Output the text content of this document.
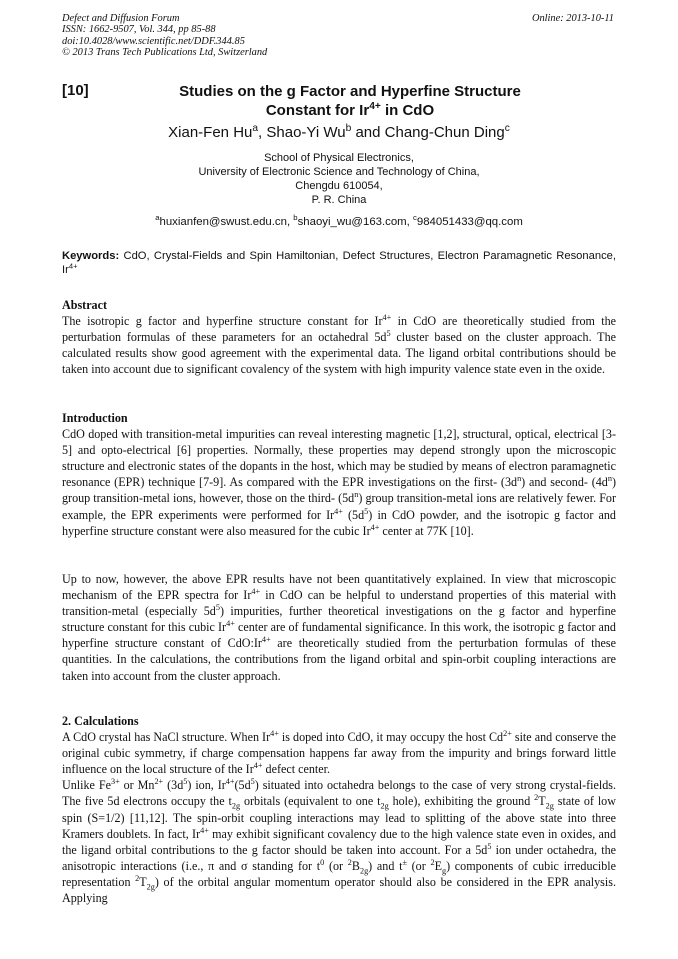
Defect and Diffusion Forum
ISSN: 1662-9507, Vol. 344, pp 85-88
doi:10.4028/www.scientific.net/DDF.344.85
© 2013 Trans Tech Publications Ltd, Switzerland
Online: 2013-10-11
[10]	Studies on the g Factor and Hyperfine Structure
Constant for $Ir^{4+}$ in CdO
Xian-Fen Hu$^a$, Shao-Yi Wu$^b$ and Chang-Chun Ding$^c$
School of Physical Electronics,
University of Electronic Science and Technology of China,
Chengdu 610054,
P. R. China
$^a$huxianfen@swust.edu.cn, $^b$shaoyi_wu@163.com, $^c$984051433@qq.com
Keywords: CdO, Crystal-Fields and Spin Hamiltonian, Defect Structures, Electron Paramagnetic Resonance, $Ir^{4+}$

Abstract

The isotropic g factor and hyperfine structure constant for $Ir^{4+}$ in CdO are theoretically studied from the perturbation formulas of these parameters for an octahedral $5d^5$ cluster based on the cluster approach. The calculated results show good agreement with the experimental data. The ligand orbital contributions should be taken into account due to significant covalency of the system with high impurity valence state even in the oxide.

Introduction

CdO doped with transition-metal impurities can reveal interesting magnetic [1,2], structural, optical, electrical [3-5] and opto-electrical [6] properties. Normally, these properties may depend strongly upon the microscopic structure and electronic states of the dopants in the host, which may be studied by means of electron paramagnetic resonance (EPR) technique [7-9]. As compared with the EPR investigations on the first- $(3d^n)$ and second- $(4d^n)$ group transition-metal ions, however, those on the third- $(5d^n)$ group transition-metal ions are relatively fewer. For example, the EPR experiments were performed for $Ir^{4+}$ $(5d^5)$ in CdO powder, and the isotropic g factor and hyperfine structure constant were also measured for the cubic $Ir^{4+}$ center at 77K [10].

Up to now, however, the above EPR results have not been quantitatively explained. In view that microscopic mechanism of the EPR spectra for $Ir^{4+}$ in CdO can be helpful to understand properties of this material with transition-metal (especially $5d^5$) impurities, further theoretical investigations on the g factor and hyperfine structure constant for this cubic $Ir^{4+}$ center are of fundamental significance. In this work, the isotropic g factor and hyperfine structure constant of $CdO:Ir^{4+}$ are theoretically studied from the perturbation formulas of these quantities. In the calculations, the contributions from the ligand orbital and spin-orbit coupling interactions are taken into account from the cluster approach.

2. Calculations

A CdO crystal has NaCl structure. When $Ir^{4+}$ is doped into CdO, it may occupy the host $Cd^{2+}$ site and conserve the original cubic symmetry, if charge compensation happens far away from the impurity and brings forward little influence on the local structure of the $Ir^{4+}$ defect center.

Unlike $Fe^{3+}$ or $Mn^{2+}$ $(3d^5)$ ion, $Ir^{4+}(5d^5)$ situated into octahedra belongs to the case of very strong crystal-fields. The five 5d electrons occupy the $t_{2g}$ orbitals (equivalent to one $t_{2g}$ hole), exhibiting the ground $^2T_{2g}$ state of low spin (S=1/2) [11,12]. The spin-orbit coupling interactions may lead to splitting of the above state into three Kramers doublets. In fact, $Ir^{4+}$ may exhibit significant covalency due to the high valence state even in oxides, and the ligand orbital contributions to the g factor should be taken into account. For a $5d^5$ ion under octahedra, the anisotropic interactions (i.e., π and σ standing for $t^0$ (or $^2B_{2g}$) and t± (or $^2E_g$) components of cubic irreducible representation $^2T_{2g}$) of the orbital angular momentum operator should also be considered in the EPR analysis. Applying
